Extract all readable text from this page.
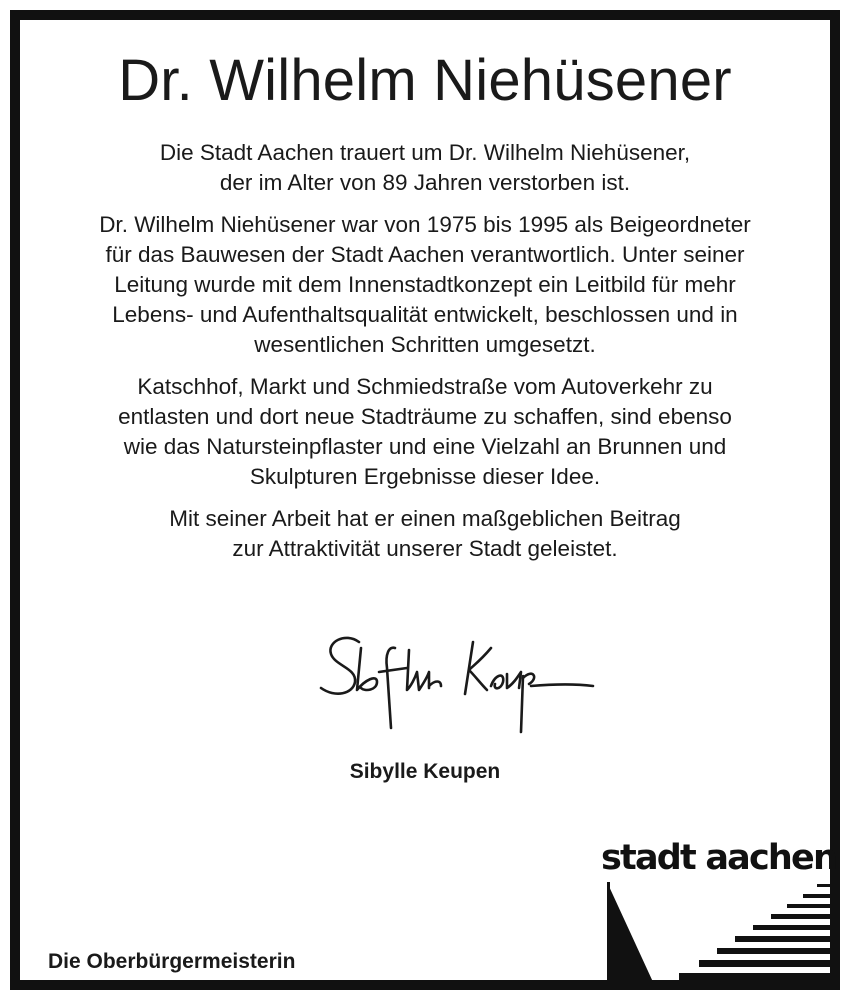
Dr. Wilhelm Niehüsener

Die Stadt Aachen trauert um Dr. Wilhelm Niehüsener,
der im Alter von 89 Jahren verstorben ist.

Dr. Wilhelm Niehüsener war von 1975 bis 1995 als Beigeordneter
für das Bauwesen der Stadt Aachen verantwortlich. Unter seiner
Leitung wurde mit dem Innenstadtkonzept ein Leitbild für mehr
Lebens- und Aufenthaltsqualität entwickelt, beschlossen und in
wesentlichen Schritten umgesetzt.

Katschhof, Markt und Schmiedstraße vom Autoverkehr zu
entlasten und dort neue Stadträume zu schaffen, sind ebenso
wie das Natursteinpflaster und eine Vielzahl an Brunnen und
Skulpturen Ergebnisse dieser Idee.

Mit seiner Arbeit hat er einen maßgeblichen Beitrag
zur Attraktivität unserer Stadt geleistet.

Sibylle Keupen
Die Oberbürgermeisterin
stadt aachen
